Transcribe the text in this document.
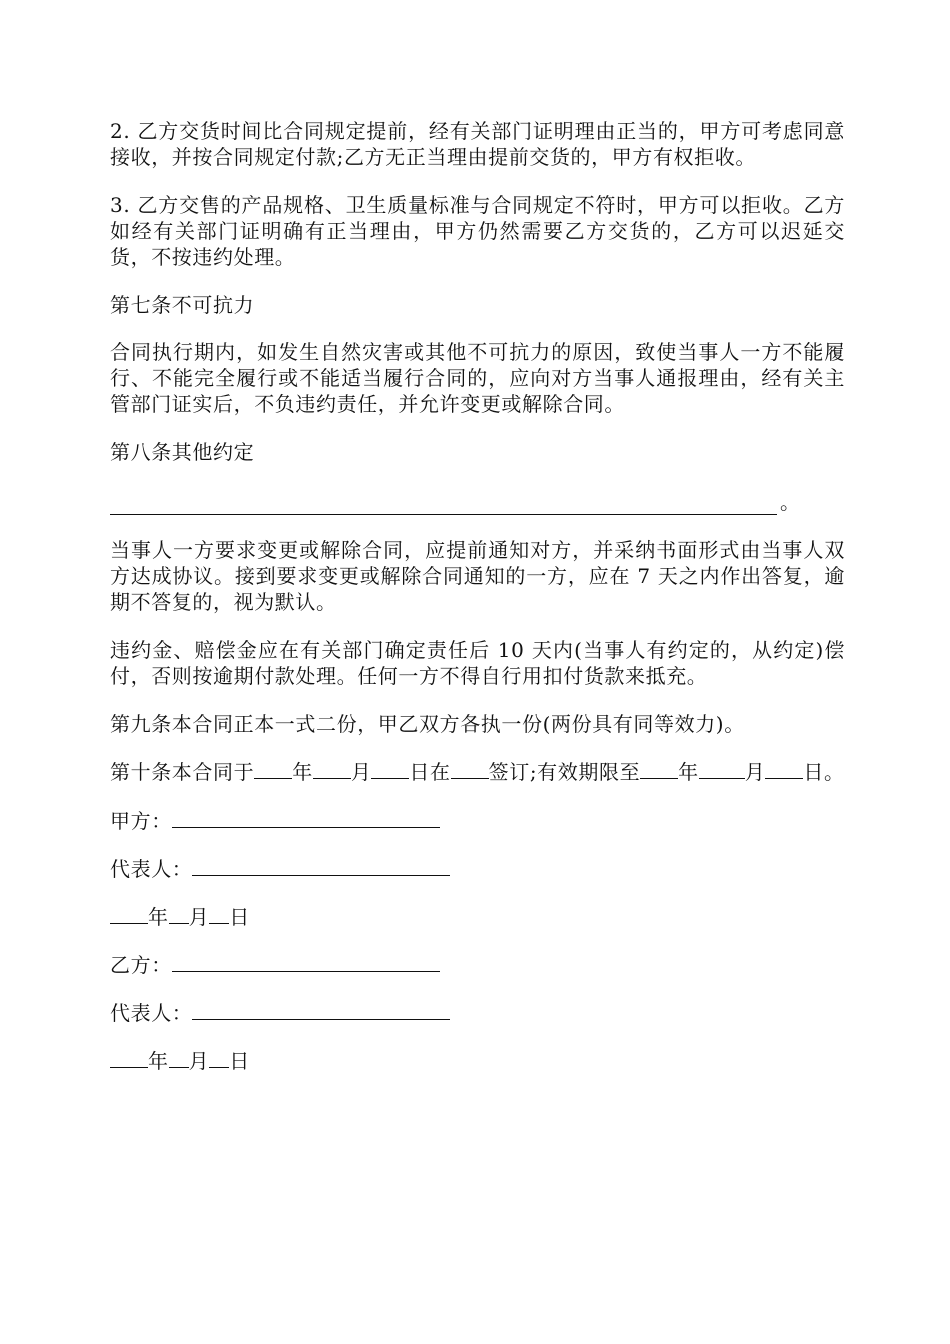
2. 乙方交货时间比合同规定提前，经有关部门证明理由正当的，甲方可考虑同意接收，并按合同规定付款;乙方无正当理由提前交货的，甲方有权拒收。

3. 乙方交售的产品规格、卫生质量标准与合同规定不符时，甲方可以拒收。乙方如经有关部门证明确有正当理由，甲方仍然需要乙方交货的，乙方可以迟延交货，不按违约处理。

第七条不可抗力

合同执行期内，如发生自然灾害或其他不可抗力的原因，致使当事人一方不能履行、不能完全履行或不能适当履行合同的，应向对方当事人通报理由，经有关主管部门证实后，不负违约责任，并允许变更或解除合同。

第八条其他约定

。

当事人一方要求变更或解除合同，应提前通知对方，并采纳书面形式由当事人双方达成协议。接到要求变更或解除合同通知的一方，应在 7 天之内作出答复，逾期不答复的，视为默认。

违约金、赔偿金应在有关部门确定责任后 10 天内(当事人有约定的，从约定)偿付，否则按逾期付款处理。任何一方不得自行用扣付货款来抵充。

第九条本合同正本一式二份，甲乙双方各执一份(两份具有同等效力)。

第十条本合同于 年 月 日在 签订;有效期限至 年 月 日。

甲方：

代表人：

年 月 日

乙方：

代表人：

年 月 日
